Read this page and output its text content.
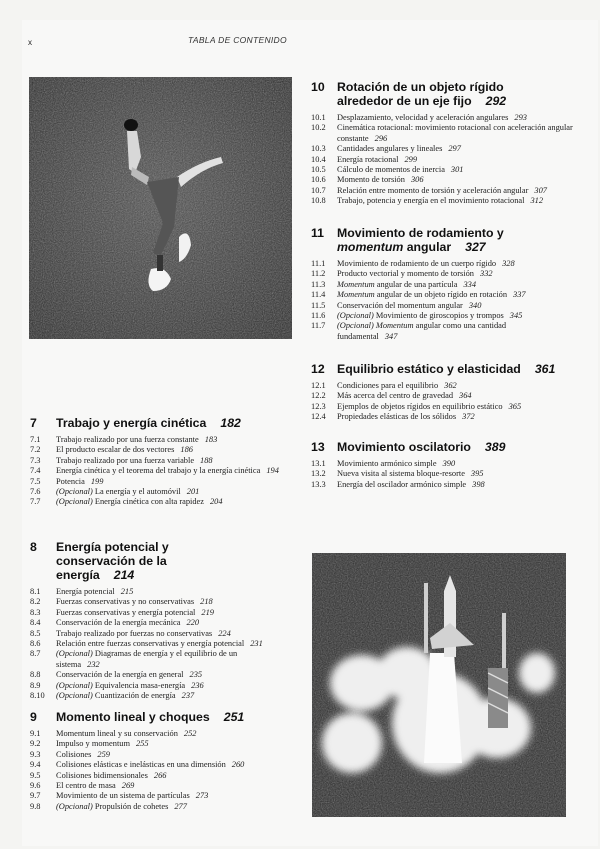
x	TABLA DE CONTENIDO
7	Trabajo y energía cinética 182
7.1	Trabajo realizado por una fuerza constante 183
7.2	El producto escalar de dos vectores 186
7.3	Trabajo realizado por una fuerza variable 188
7.4	Energía cinética y el teorema del trabajo y la energía cinética 194
7.5	Potencia 199
7.6	(Opcional) La energía y el automóvil 201
7.7	(Opcional) Energía cinética con alta rapidez 204
8	Energía potencial y conservación de la energía 214
8.1	Energía potencial 215
8.2	Fuerzas conservativas y no conservativas 218
8.3	Fuerzas conservativas y energía potencial 219
8.4	Conservación de la energía mecánica 220
8.5	Trabajo realizado por fuerzas no conservativas 224
8.6	Relación entre fuerzas conservativas y energía potencial 231
8.7	(Opcional) Diagramas de energía y el equilibrio de un sistema 232
8.8	Conservación de la energía en general 235
8.9	(Opcional) Equivalencia masa-energía 236
8.10	(Opcional) Cuantización de energía 237
9	Momento lineal y choques 251
9.1	Momentum lineal y su conservación 252
9.2	Impulso y momentum 255
9.3	Colisiones 259
9.4	Colisiones elásticas e inelásticas en una dimensión 260
9.5	Colisiones bidimensionales 266
9.6	El centro de masa 269
9.7	Movimiento de un sistema de partículas 273
9.8	(Opcional) Propulsión de cohetes 277
10	Rotación de un objeto rígido alrededor de un eje fijo 292
10.1	Desplazamiento, velocidad y aceleración angulares 293
10.2	Cinemática rotacional: movimiento rotacional con aceleración angular constante 296
10.3	Cantidades angulares y lineales 297
10.4	Energía rotacional 299
10.5	Cálculo de momentos de inercia 301
10.6	Momento de torsión 306
10.7	Relación entre momento de torsión y aceleración angular 307
10.8	Trabajo, potencia y energía en el movimiento rotacional 312
11	Movimiento de rodamiento y momentum angular 327
11.1	Movimiento de rodamiento de un cuerpo rígido 328
11.2	Producto vectorial y momento de torsión 332
11.3	Momentum angular de una partícula 334
11.4	Momentum angular de un objeto rígido en rotación 337
11.5	Conservación del momentum angular 340
11.6	(Opcional) Movimiento de giroscopios y trompos 345
11.7	(Opcional) Momentum angular como una cantidad fundamental 347
12	Equilibrio estático y elasticidad 361
12.1	Condiciones para el equilibrio 362
12.2	Más acerca del centro de gravedad 364
12.3	Ejemplos de objetos rígidos en equilibrio estático 365
12.4	Propiedades elásticas de los sólidos 372
13	Movimiento oscilatorio 389
13.1	Movimiento armónico simple 390
13.2	Nueva visita al sistema bloque-resorte 395
13.3	Energía del oscilador armónico simple 398
